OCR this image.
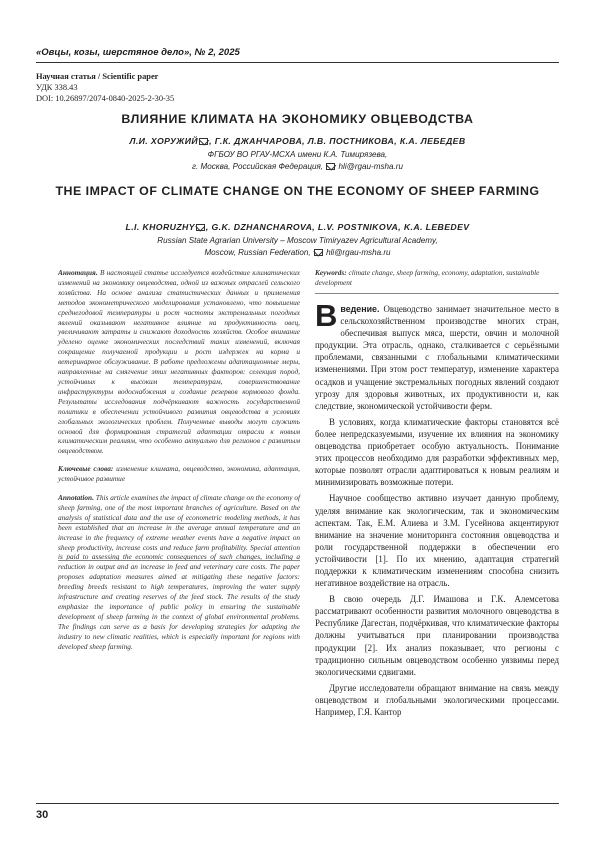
«Овцы, козы, шерстяное дело», № 2, 2025
Научная статья / Scientific paper
УДК 338.43
DOI: 10.26897/2074-0840-2025-2-30-35
ВЛИЯНИЕ КЛИМАТА НА ЭКОНОМИКУ ОВЦЕВОДСТВА
Л.И. ХОРУЖИЙ , Г.К. ДЖАНЧАРОВА, Л.В. ПОСТНИКОВА, К.А. ЛЕБЕДЕВ
ФГБОУ ВО РГАУ-МСХА имени К.А. Тимирязева,
г. Москва, Российская Федерация, hli@rgau-msha.ru
THE IMPACT OF CLIMATE CHANGE ON THE ECONOMY OF SHEEP FARMING
L.I. KHORUZHY , G.K. DZHANCHAROVA, L.V. POSTNIKOVA, K.A. LEBEDEV
Russian State Agrarian University – Moscow Timiryazev Agricultural Academy,
Moscow, Russian Federation, hli@rgau-msha.ru

Аннотация. В настоящей статье исследуется воздействие климатических изменений на экономику овцеводства, одной из важных отраслей сельского хозяйства. На основе анализа статистических данных и применения методов эконометрического моделирования установлено, что повышение среднегодовой температуры и рост частоты экстремальных погодных явлений оказывают негативное влияние на продуктивность овец, увеличивают затраты и снижают доходность хозяйств. Особое внимание уделено оценке экономических последствий таких изменений, включая сокращение получаемой продукции и рост издержек на корма и ветеринарное обслуживание. В работе предложены адаптационные меры, направленные на смягчение этих негативных факторов: селекция пород, устойчивых к высоким температурам, совершенствование инфраструктуры водоснабжения и создание резервов кормового фонда. Результаты исследования подчёркивают важность государственной политики в обеспечении устойчивого развития овцеводства в условиях глобальных экологических проблем. Полученные выводы могут служить основой для формирования стратегий адаптации отрасли к новым климатическим реалиям, что особенно актуально для регионов с развитым овцеводством.

Ключевые слова: изменение климата, овцеводство, экономика, адаптация, устойчивое развитие

Annotation. This article examines the impact of climate change on the economy of sheep farming, one of the most important branches of agriculture. Based on the analysis of statistical data and the use of econometric modeling methods, it has been established that an increase in the average annual temperature and an increase in the frequency of extreme weather events have a negative impact on sheep productivity, increase costs and reduce farm profitability. Special attention is paid to assessing the economic consequences of such changes, including a reduction in output and an increase in feed and veterinary care costs. The paper proposes adaptation measures aimed at mitigating these negative factors: breeding breeds resistant to high temperatures, improving the water supply infrastructure and creating reserves of the feed stock. The results of the study emphasize the importance of public policy in ensuring the sustainable development of sheep farming in the context of global environmental problems. The findings can serve as a basis for developing strategies for adapting the industry to new climatic realities, which is especially important for regions with developed sheep farming.

Keywords: climate change, sheep farming, economy, adaptation, sustainable development

Введение. Овцеводство занимает значительное место в сельскохозяйственном производстве многих стран, обеспечивая выпуск мяса, шерсти, овчин и молочной продукции. Эта отрасль, однако, сталкивается с серьёзными проблемами, связанными с глобальными климатическими изменениями. При этом рост температур, изменение характера осадков и учащение экстремальных погодных явлений создают угрозу для здоровья животных, их продуктивности и, как следствие, экономической устойчивости ферм.

В условиях, когда климатические факторы становятся всё более непредсказуемыми, изучение их влияния на экономику овцеводства приобретает особую актуальность. Понимание этих процессов необходимо для разработки эффективных мер, которые позволят отрасли адаптироваться к новым реалиям и минимизировать возможные потери.

Научное сообщество активно изучает данную проблему, уделяя внимание как экологическим, так и экономическим аспектам. Так, Е.М. Алиева и З.М. Гусейнова акцентируют внимание на значение мониторинга состояния овцеводства и роли государственной поддержки в обеспечении его устойчивости [1]. По их мнению, адаптация стратегий поддержки к климатическим изменениям способна снизить негативное воздействие на отрасль.

В свою очередь Д.Г. Имашова и Г.К. Алемсетова рассматривают особенности развития молочного овцеводства в Республике Дагестан, подчёркивая, что климатические факторы должны учитываться при планировании производства продукции [2]. Их анализ показывает, что регионы с традиционно сильным овцеводством особенно уязвимы перед экологическими сдвигами.

Другие исследователи обращают внимание на связь между овцеводством и глобальными экологическими процессами. Например, Г.Я. Кантор

30
